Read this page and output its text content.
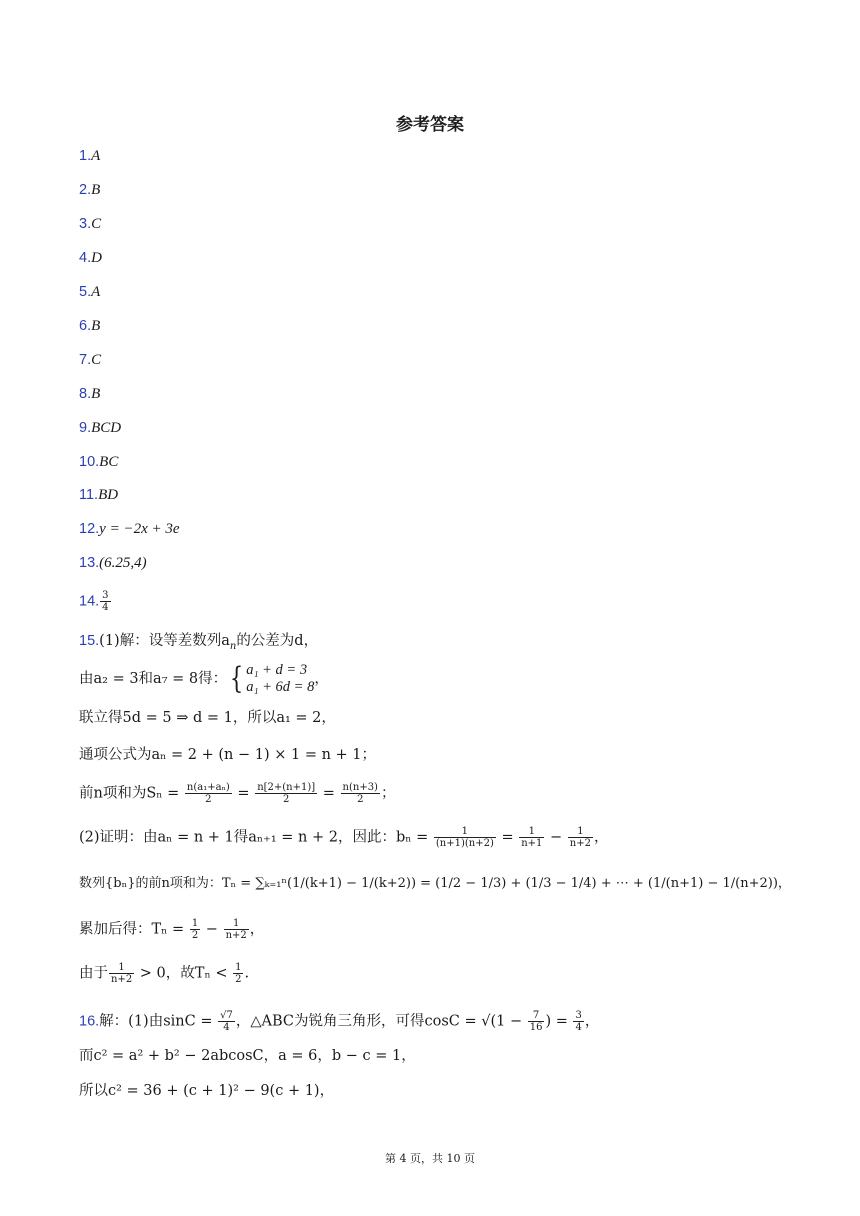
参考答案
1.A
2.B
3.C
4.D
5.A
6.B
7.C
8.B
9.BCD
10.BC
11.BD
12.y = −2x + 3e
13.(6.25,4)
14. $\frac{3}{4}$
15.(1)解：设等差数列$a_n$的公差为d，
由a₂ = 3和a₇ = 8得：{ a₁ + d = 3
a₁ + 6d = 8 ，
联立得5d = 5 ⇒ d = 1，所以a₁ = 2，
通项公式为aₙ = 2 + (n − 1) × 1 = n + 1；
前n项和为$S_n = \frac{\text{n(a₁+aₙ)}}{2} = \frac{n[2+(n+1)]}{2} = \frac{n(n+3)}{2}$ ；
(2)证明：由aₙ = n + 1得aₙ₊₁ = n + 2，因此：$b_n = \frac{1}{(n+1)(n+2)} = \frac{1}{n+1} - \frac{1}{n+2}$ ，
数列{bₙ}的前n项和为：Tₙ = ∑ₖ₌₁ⁿ(1/(k+1) − 1/(k+2)) = (1/2 − 1/3) + (1/3 − 1/4) + ⋯ + (1/(n+1) − 1/(n+2))，
累加后得：$T_n = \frac{1}{2} - \frac{1}{n+2}$ ，
由于 $\frac{1}{n+2} > 0$，故$T_n < \frac{1}{2}$ .
16.解：(1)由$\sin C = \frac{√7}{4}$ ，△ABC为锐角三角形，可得$\cos C = √(1 - \frac{7}{16}$ ) = $\frac{3}{4}$ ，
而c² = a² + b² − 2abcosC，a = 6，b − c = 1，
所以c² = 36 + (c + 1)² − 9(c + 1)，
第 4 页，共 10 页
